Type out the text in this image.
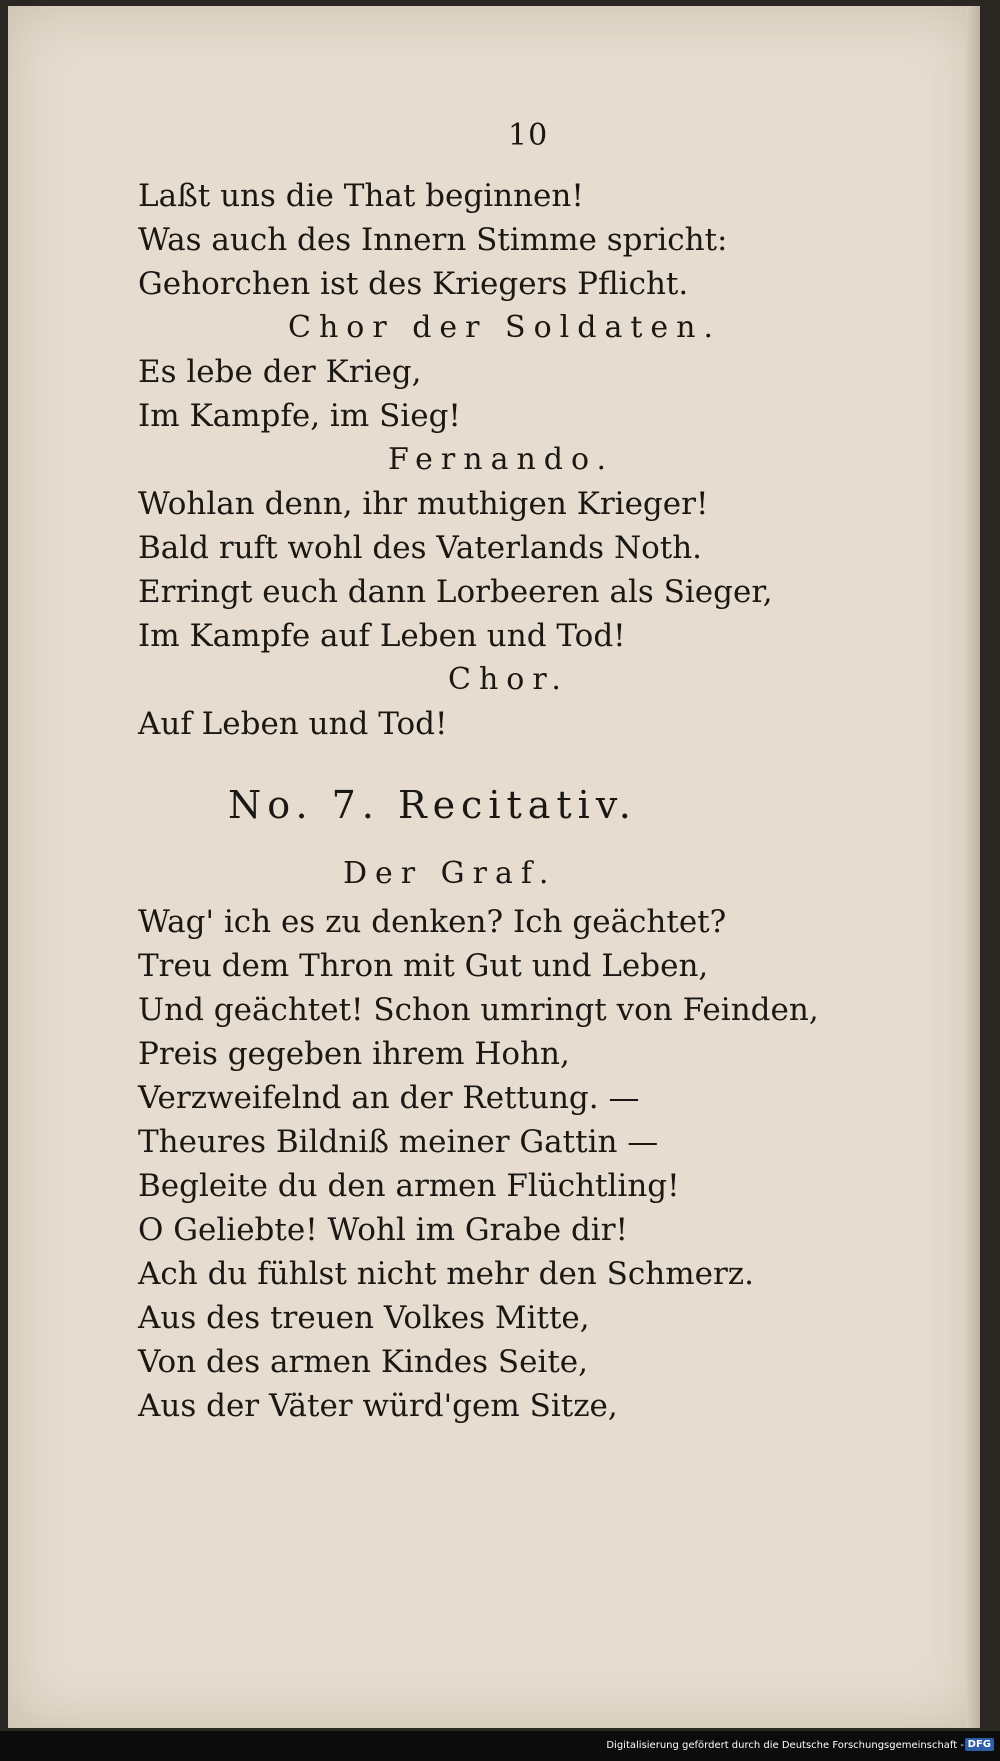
10
Laßt uns die That beginnen!
Was auch des Innern Stimme spricht:
Gehorchen ist des Kriegers Pflicht.
Chor der Soldaten.
Es lebe der Krieg,
Im Kampfe, im Sieg!
Fernando.
Wohlan denn, ihr muthigen Krieger!
Bald ruft wohl des Vaterlands Noth.
Erringt euch dann Lorbeeren als Sieger,
Im Kampfe auf Leben und Tod!
Chor.
Auf Leben und Tod!
No. 7. Recitativ.
Der Graf.
Wag' ich es zu denken? Ich geächtet?
Treu dem Thron mit Gut und Leben,
Und geächtet! Schon umringt von Feinden,
Preis gegeben ihrem Hohn,
Verzweifelnd an der Rettung. —
Theures Bildniß meiner Gattin —
Begleite du den armen Flüchtling!
O Geliebte! Wohl im Grabe dir!
Ach du fühlst nicht mehr den Schmerz.
Aus des treuen Volkes Mitte,
Von des armen Kindes Seite,
Aus der Väter würd'gem Sitze,
Digitalisierung gefördert durch die Deutsche Forschungsgemeinschaft - DFG
